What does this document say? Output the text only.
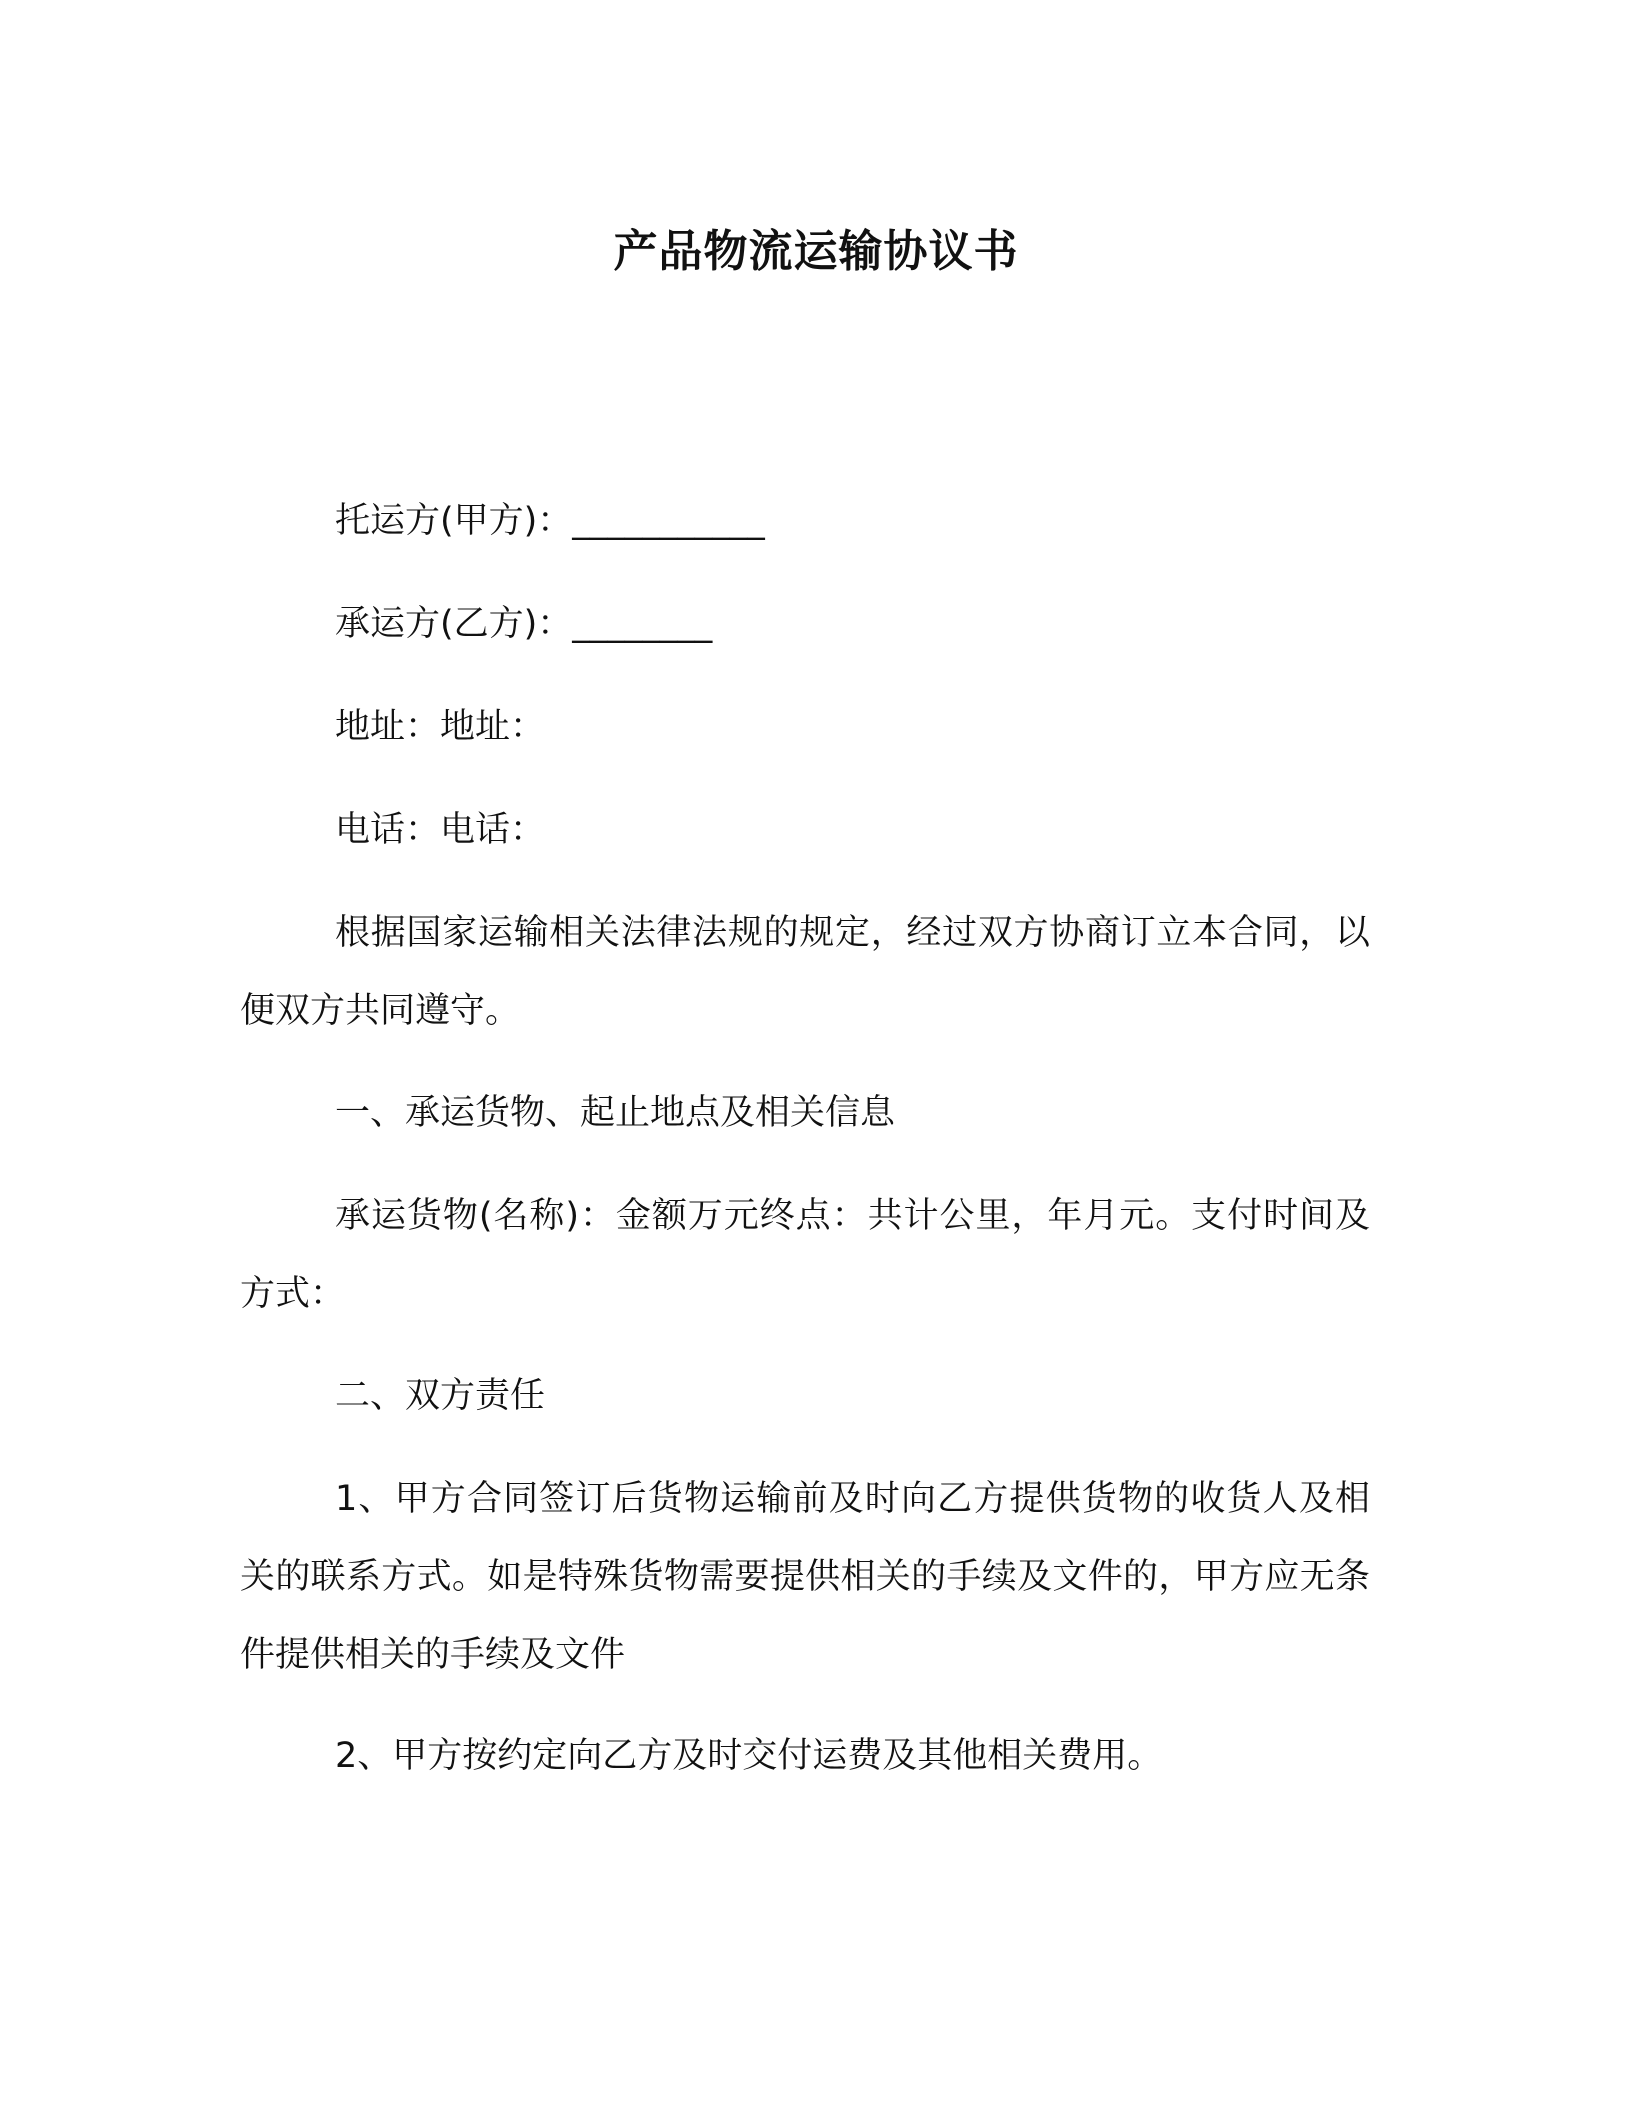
产品物流运输协议书
托运方(甲方)：___________
承运方(乙方)：________
地址：地址：
电话：电话：
根据国家运输相关法律法规的规定，经过双方协商订立本合同，以便双方共同遵守。
一、承运货物、起止地点及相关信息
承运货物(名称)：金额万元终点：共计公里，年月元。支付时间及方式：
二、双方责任
1、甲方合同签订后货物运输前及时向乙方提供货物的收货人及相关的联系方式。如是特殊货物需要提供相关的手续及文件的，甲方应无条件提供相关的手续及文件
2、甲方按约定向乙方及时交付运费及其他相关费用。
